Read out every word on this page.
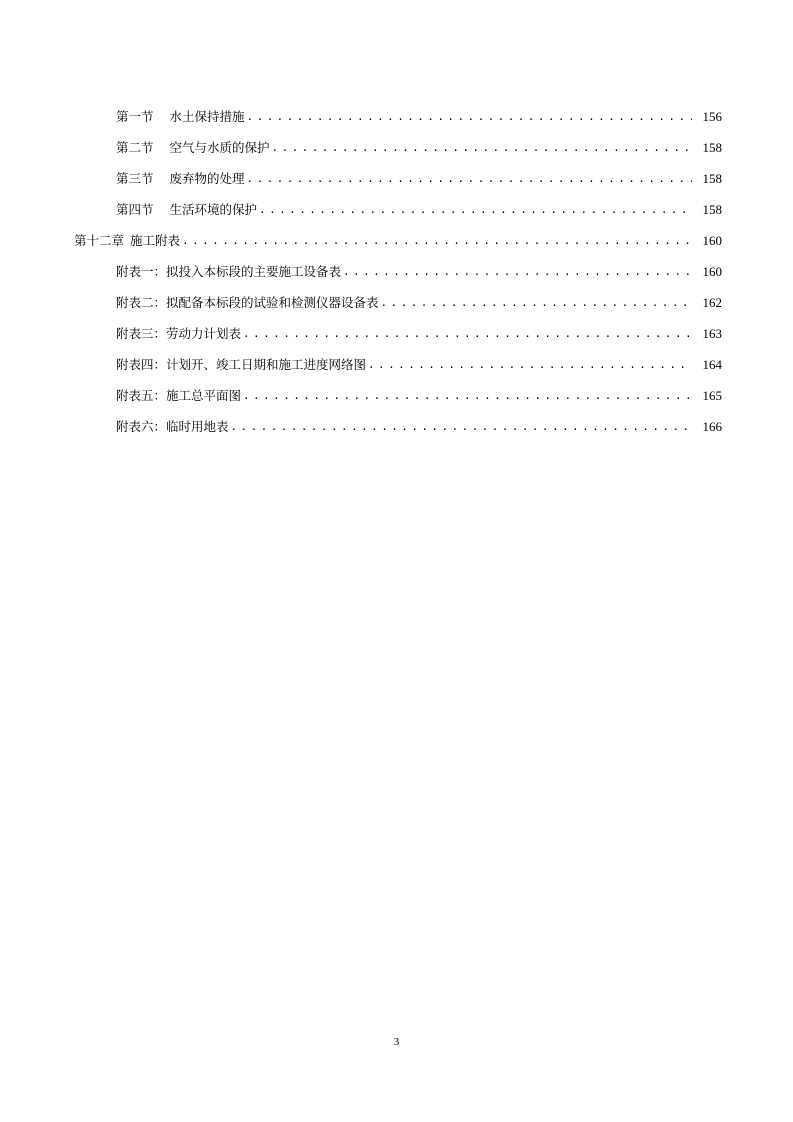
第一节 水土保持措施 . . .	156
第二节 空气与水质的保护 . . .	158
第三节 废弃物的处理 . . .	158
第四节 生活环境的保护 . . .	158
第十二章 施工附表 . . .	160
附表一：拟投入本标段的主要施工设备表 . . .	160
附表二：拟配备本标段的试验和检测仪器设备表 . . .	162
附表三：劳动力计划表 . . .	163
附表四：计划开、竣工日期和施工进度网络图 . . .	164
附表五：施工总平面图 . . .	165
附表六：临时用地表 . . .	166
3
